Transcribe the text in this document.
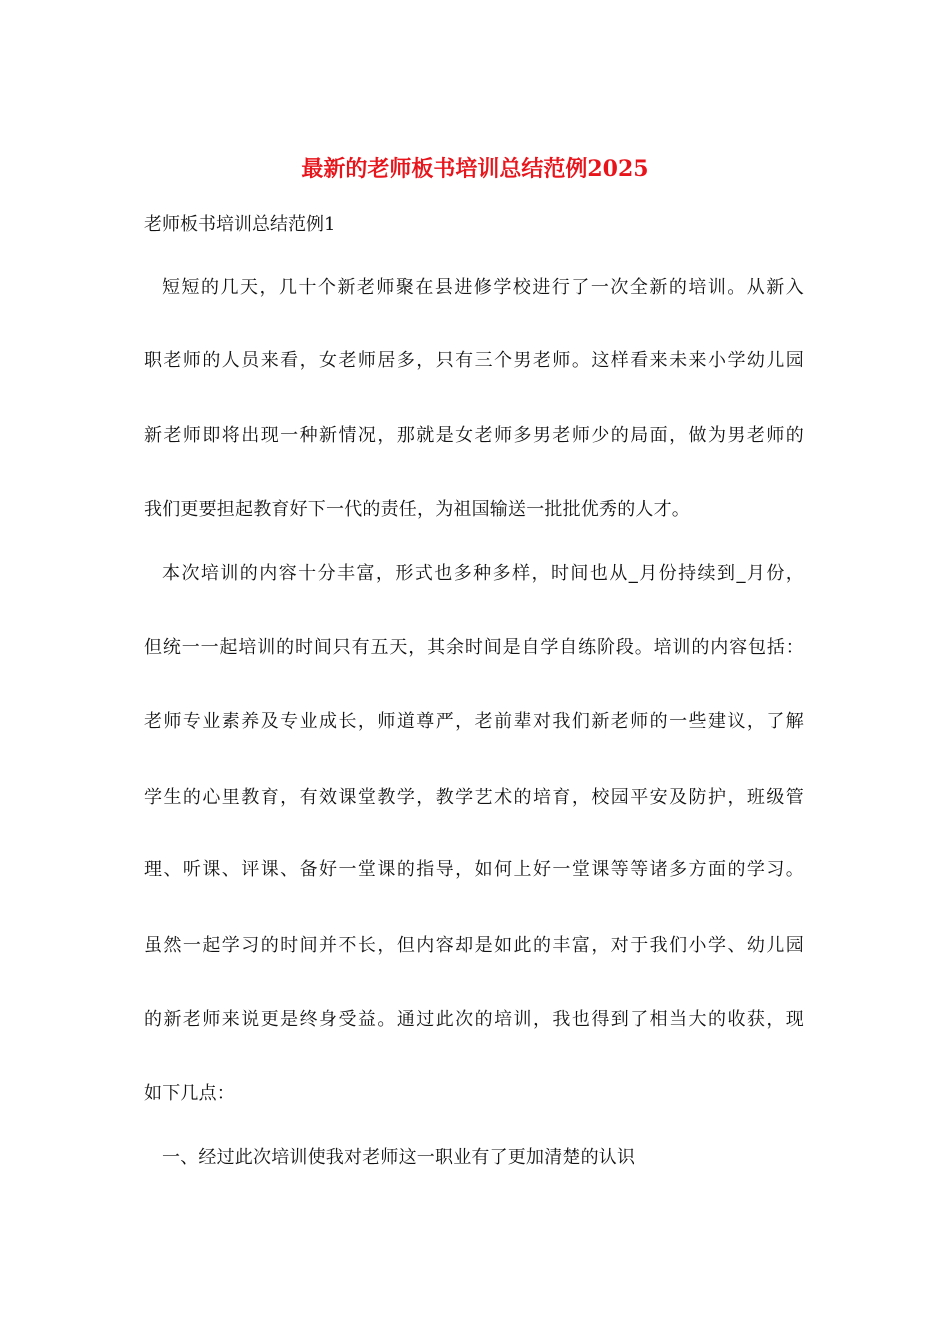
最新的老师板书培训总结范例2025

老师板书培训总结范例1

短短的几天，几十个新老师聚在县进修学校进行了一次全新的培训。从新入

职老师的人员来看，女老师居多，只有三个男老师。这样看来未来小学幼儿园

新老师即将出现一种新情况，那就是女老师多男老师少的局面，做为男老师的

我们更要担起教育好下一代的责任，为祖国输送一批批优秀的人才。

本次培训的内容十分丰富，形式也多种多样，时间也从_月份持续到_月份，

但统一一起培训的时间只有五天，其余时间是自学自练阶段。培训的内容包括：

老师专业素养及专业成长，师道尊严，老前辈对我们新老师的一些建议，了解

学生的心里教育，有效课堂教学，教学艺术的培育，校园平安及防护，班级管

理、听课、评课、备好一堂课的指导，如何上好一堂课等等诸多方面的学习。

虽然一起学习的时间并不长，但内容却是如此的丰富，对于我们小学、幼儿园

的新老师来说更是终身受益。通过此次的培训，我也得到了相当大的收获，现

如下几点：

一、经过此次培训使我对老师这一职业有了更加清楚的认识
